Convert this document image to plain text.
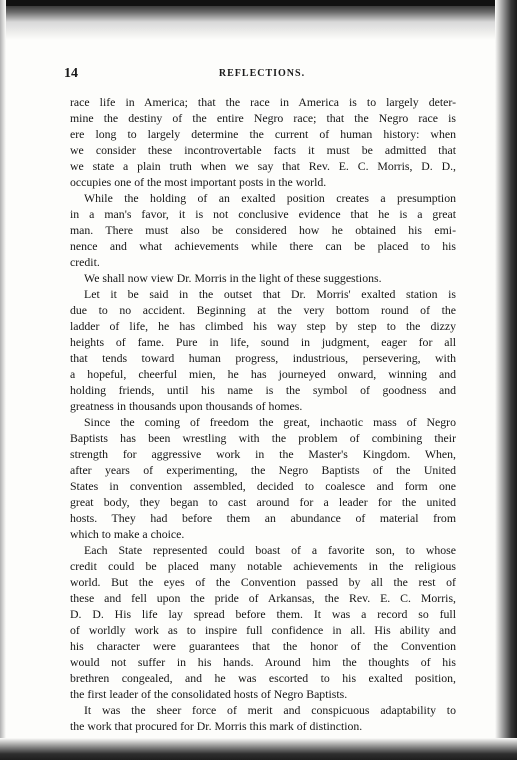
14	REFLECTIONS.
race life in America; that the race in America is to largely deter-
mine the destiny of the entire Negro race; that the Negro race is
ere long to largely determine the current of human history: when
we consider these incontrovertable facts it must be admitted that
we state a plain truth when we say that Rev. E. C. Morris, D. D.,
occupies one of the most important posts in the world.
While the holding of an exalted position creates a presumption
in a man's favor, it is not conclusive evidence that he is a great
man. There must also be considered how he obtained his emi-
nence and what achievements while there can be placed to his
credit.
We shall now view Dr. Morris in the light of these suggestions.
Let it be said in the outset that Dr. Morris' exalted station is
due to no accident. Beginning at the very bottom round of the
ladder of life, he has climbed his way step by step to the dizzy
heights of fame. Pure in life, sound in judgment, eager for all
that tends toward human progress, industrious, persevering, with
a hopeful, cheerful mien, he has journeyed onward, winning and
holding friends, until his name is the symbol of goodness and
greatness in thousands upon thousands of homes.
Since the coming of freedom the great, inchaotic mass of Negro
Baptists has been wrestling with the problem of combining their
strength for aggressive work in the Master's Kingdom. When,
after years of experimenting, the Negro Baptists of the United
States in convention assembled, decided to coalesce and form one
great body, they began to cast around for a leader for the united
hosts. They had before them an abundance of material from
which to make a choice.
Each State represented could boast of a favorite son, to whose
credit could be placed many notable achievements in the religious
world. But the eyes of the Convention passed by all the rest of
these and fell upon the pride of Arkansas, the Rev. E. C. Morris,
D. D. His life lay spread before them. It was a record so full
of worldly work as to inspire full confidence in all. His ability and
his character were guarantees that the honor of the Convention
would not suffer in his hands. Around him the thoughts of his
brethren congealed, and he was escorted to his exalted position,
the first leader of the consolidated hosts of Negro Baptists.
It was the sheer force of merit and conspicuous adaptability to
the work that procured for Dr. Morris this mark of distinction.
